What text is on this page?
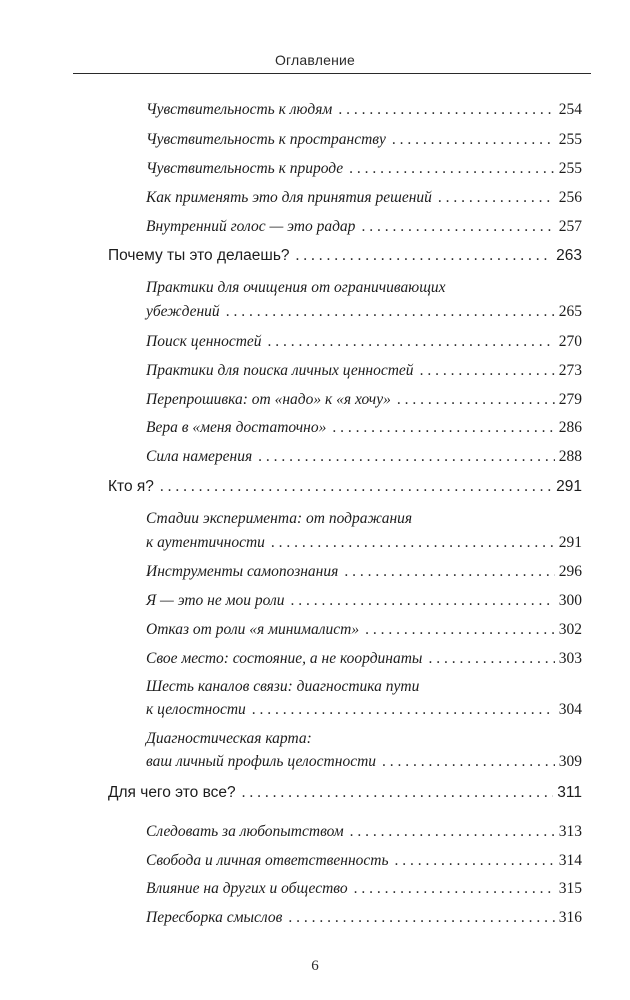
Оглавление
Чувствительность к людям . . .	254
Чувствительность к пространству . . .	255
Чувствительность к природе . . .	255
Как применять это для принятия решений . . .	256
Внутренний голос — это радар . . .	257
Почему ты это делаешь? . . .	263
Практики для очищения от ограничивающих
убеждений . . .	265
Поиск ценностей . . .	270
Практики для поиска личных ценностей . . .	273
Перепрошивка: от «надо» к «я хочу» . . .	279
Вера в «меня достаточно» . . .	286
Сила намерения . . .	288
Кто я? . . .	291
Стадии эксперимента: от подражания
к аутентичности . . .	291
Инструменты самопознания . . .	296
Я — это не мои роли . . .	300
Отказ от роли «я минималист» . . .	302
Свое место: состояние, а не координаты . . .	303
Шесть каналов связи: диагностика пути
к целостности . . .	304
Диагностическая карта:
ваш личный профиль целостности . . .	309
Для чего это все? . . .	311
Следовать за любопытством . . .	313
Свобода и личная ответственность . . .	314
Влияние на других и общество . . .	315
Пересборка смыслов . . .	316
6
